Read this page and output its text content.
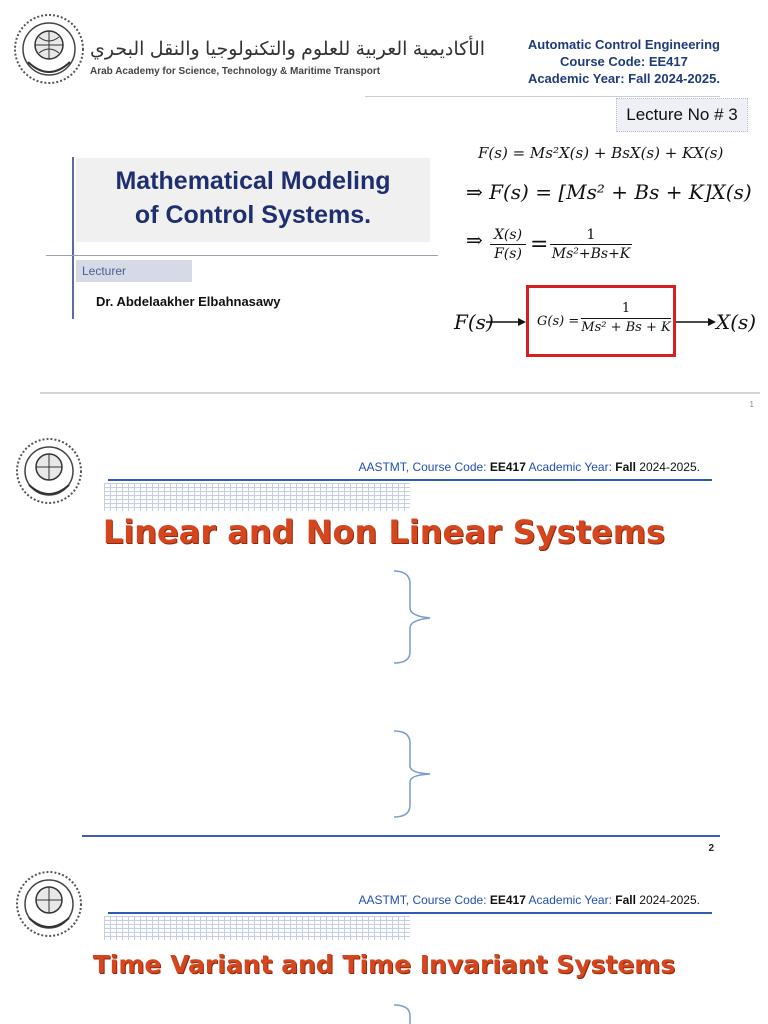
الأكاديمية العربية للعلوم والتكنولوجيا والنقل البحري
Arab Academy for Science, Technology & Maritime Transport
Automatic Control Engineering
Course Code: EE417
Academic Year: Fall 2024-2025.
Lecture No # 3
Mathematical Modeling
of Control Systems.
Lecturer
Dr. Abdelaakher Elbahnasawy
F(s) = Ms²X(s) + BsX(s) + KX(s)
⇒ F(s) = [Ms² + Bs + K]X(s)
⇒ $\frac{X(s)}{F(s)} = \frac{1}{\text{Ms²+Bs+K}}$
F(s)	$G(s) = \frac{1}{\text{Ms² + Bs + K}} X(s)$
1
AASTMT, Course Code: EE417 Academic Year: Fall 2024-2025.
Linear and Non Linear Systems
2
AASTMT, Course Code: EE417 Academic Year: Fall 2024-2025.
Time Variant and Time Invariant Systems
